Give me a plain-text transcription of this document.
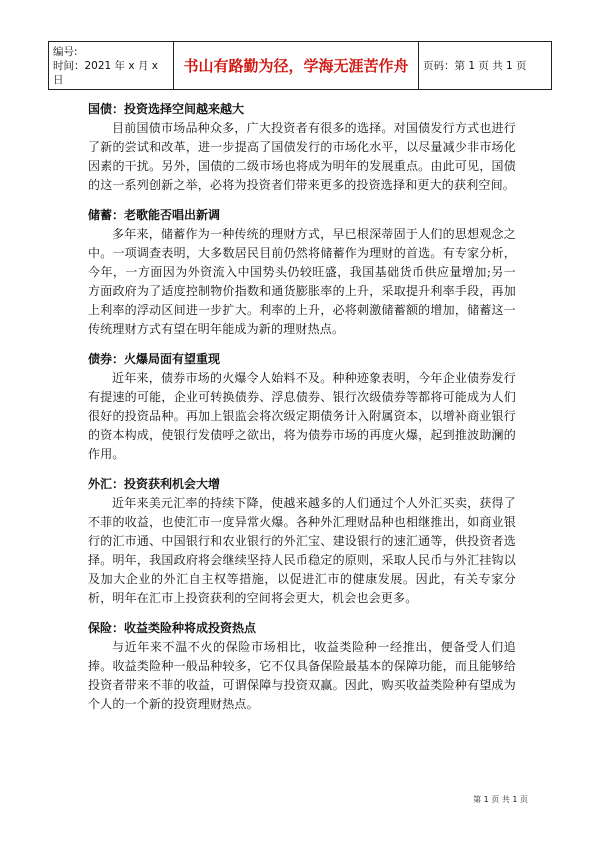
编号:
时间：2021 年 x 月 x 日
	书山有路勤为径，学海无涯苦作舟	页码：第 1 页 共 1 页

国债：投资选择空间越来越大

目前国债市场品种众多，广大投资者有很多的选择。对国债发行方式也进行了新的尝试和改革，进一步提高了国债发行的市场化水平，以尽量减少非市场化因素的干扰。另外，国债的二级市场也将成为明年的发展重点。由此可见，国债的这一系列创新之举，必将为投资者们带来更多的投资选择和更大的获利空间。

储蓄：老歌能否唱出新调

多年来，储蓄作为一种传统的理财方式，早已根深蒂固于人们的思想观念之中。一项调查表明，大多数居民目前仍然将储蓄作为理财的首选。有专家分析，今年，一方面因为外资流入中国势头仍较旺盛，我国基础货币供应量增加;另一方面政府为了适度控制物价指数和通货膨胀率的上升，采取提升利率手段，再加上利率的浮动区间进一步扩大。利率的上升，必将刺激储蓄额的增加，储蓄这一传统理财方式有望在明年能成为新的理财热点。

债券：火爆局面有望重现

近年来，债券市场的火爆令人始料不及。种种迹象表明，今年企业债券发行有提速的可能，企业可转换债券、浮息债券、银行次级债券等都将可能成为人们很好的投资品种。再加上银监会将次级定期债务计入附属资本，以增补商业银行的资本构成，使银行发债呼之欲出，将为债券市场的再度火爆，起到推波助澜的作用。

外汇：投资获利机会大增

近年来美元汇率的持续下降，使越来越多的人们通过个人外汇买卖，获得了不菲的收益，也使汇市一度异常火爆。各种外汇理财品种也相继推出，如商业银行的汇市通、中国银行和农业银行的外汇宝、建设银行的速汇通等，供投资者选择。明年，我国政府将会继续坚持人民币稳定的原则，采取人民币与外汇挂钩以及加大企业的外汇自主权等措施，以促进汇市的健康发展。因此，有关专家分析，明年在汇市上投资获利的空间将会更大，机会也会更多。

保险：收益类险种将成投资热点

与近年来不温不火的保险市场相比，收益类险种一经推出，便备受人们追捧。收益类险种一般品种较多，它不仅具备保险最基本的保障功能，而且能够给投资者带来不菲的收益，可谓保障与投资双赢。因此，购买收益类险种有望成为个人的一个新的投资理财热点。

第 1 页 共 1 页
